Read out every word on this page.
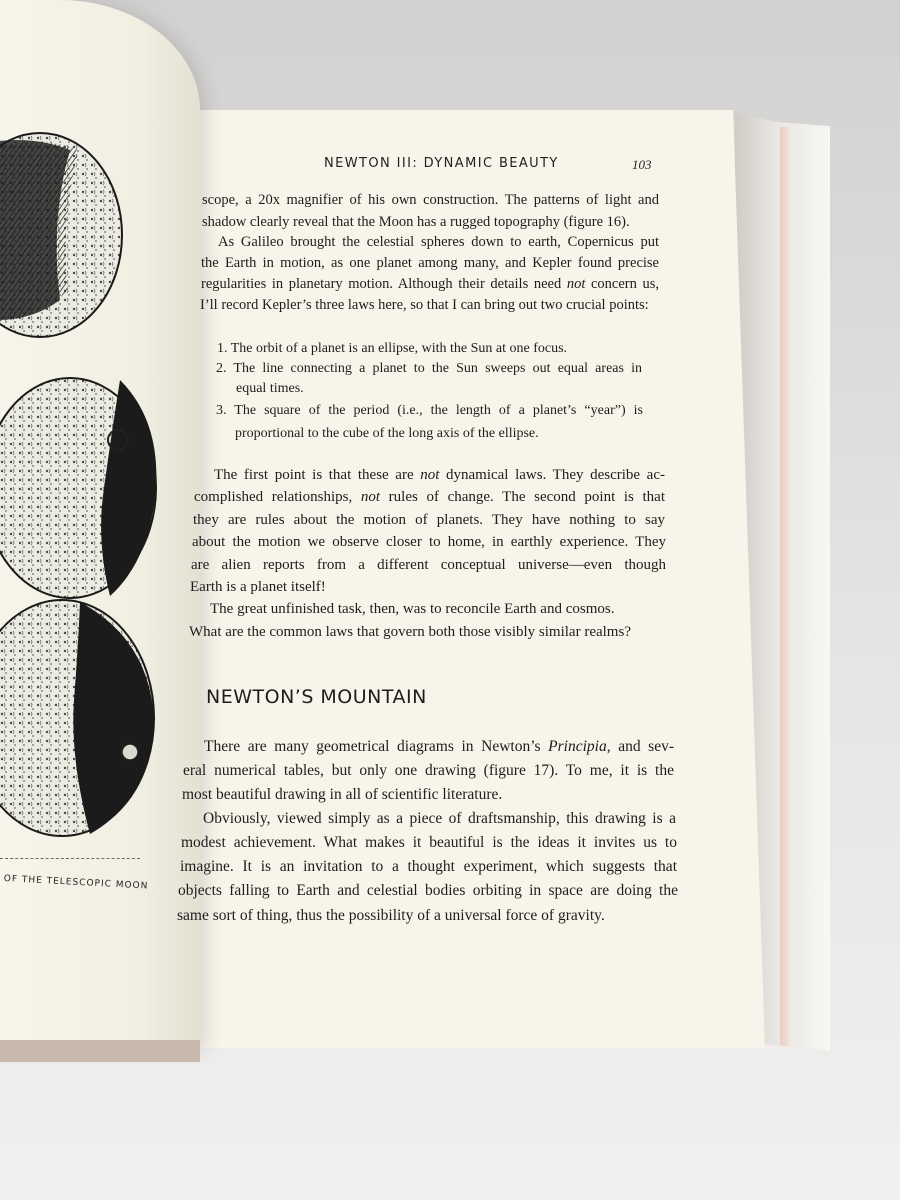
OF THE TELESCOPIC MOON
NEWTON III: DYNAMIC BEAUTY	103
scope, a 20x magnifier of his own construction. The patterns of light and
shadow clearly reveal that the Moon has a rugged topography (figure 16).
As Galileo brought the celestial spheres down to earth, Copernicus put
the Earth in motion, as one planet among many, and Kepler found precise
regularities in planetary motion. Although their details need not concern us,
I’ll record Kepler’s three laws here, so that I can bring out two crucial points:
1. The orbit of a planet is an ellipse, with the Sun at one focus.
2. The line connecting a planet to the Sun sweeps out equal areas in
equal times.
3. The square of the period (i.e., the length of a planet’s “year”) is
proportional to the cube of the long axis of the ellipse.
The first point is that these are not dynamical laws. They describe ac-
complished relationships, not rules of change. The second point is that
they are rules about the motion of planets. They have nothing to say
about the motion we observe closer to home, in earthly experience. They
are alien reports from a different conceptual universe—even though
Earth is a planet itself!
The great unfinished task, then, was to reconcile Earth and cosmos.
What are the common laws that govern both those visibly similar realms?
NEWTON’S MOUNTAIN
There are many geometrical diagrams in Newton’s Principia, and sev-
eral numerical tables, but only one drawing (figure 17). To me, it is the
most beautiful drawing in all of scientific literature.
Obviously, viewed simply as a piece of draftsmanship, this drawing is a
modest achievement. What makes it beautiful is the ideas it invites us to
imagine. It is an invitation to a thought experiment, which suggests that
objects falling to Earth and celestial bodies orbiting in space are doing the
same sort of thing, thus the possibility of a universal force of gravity.
